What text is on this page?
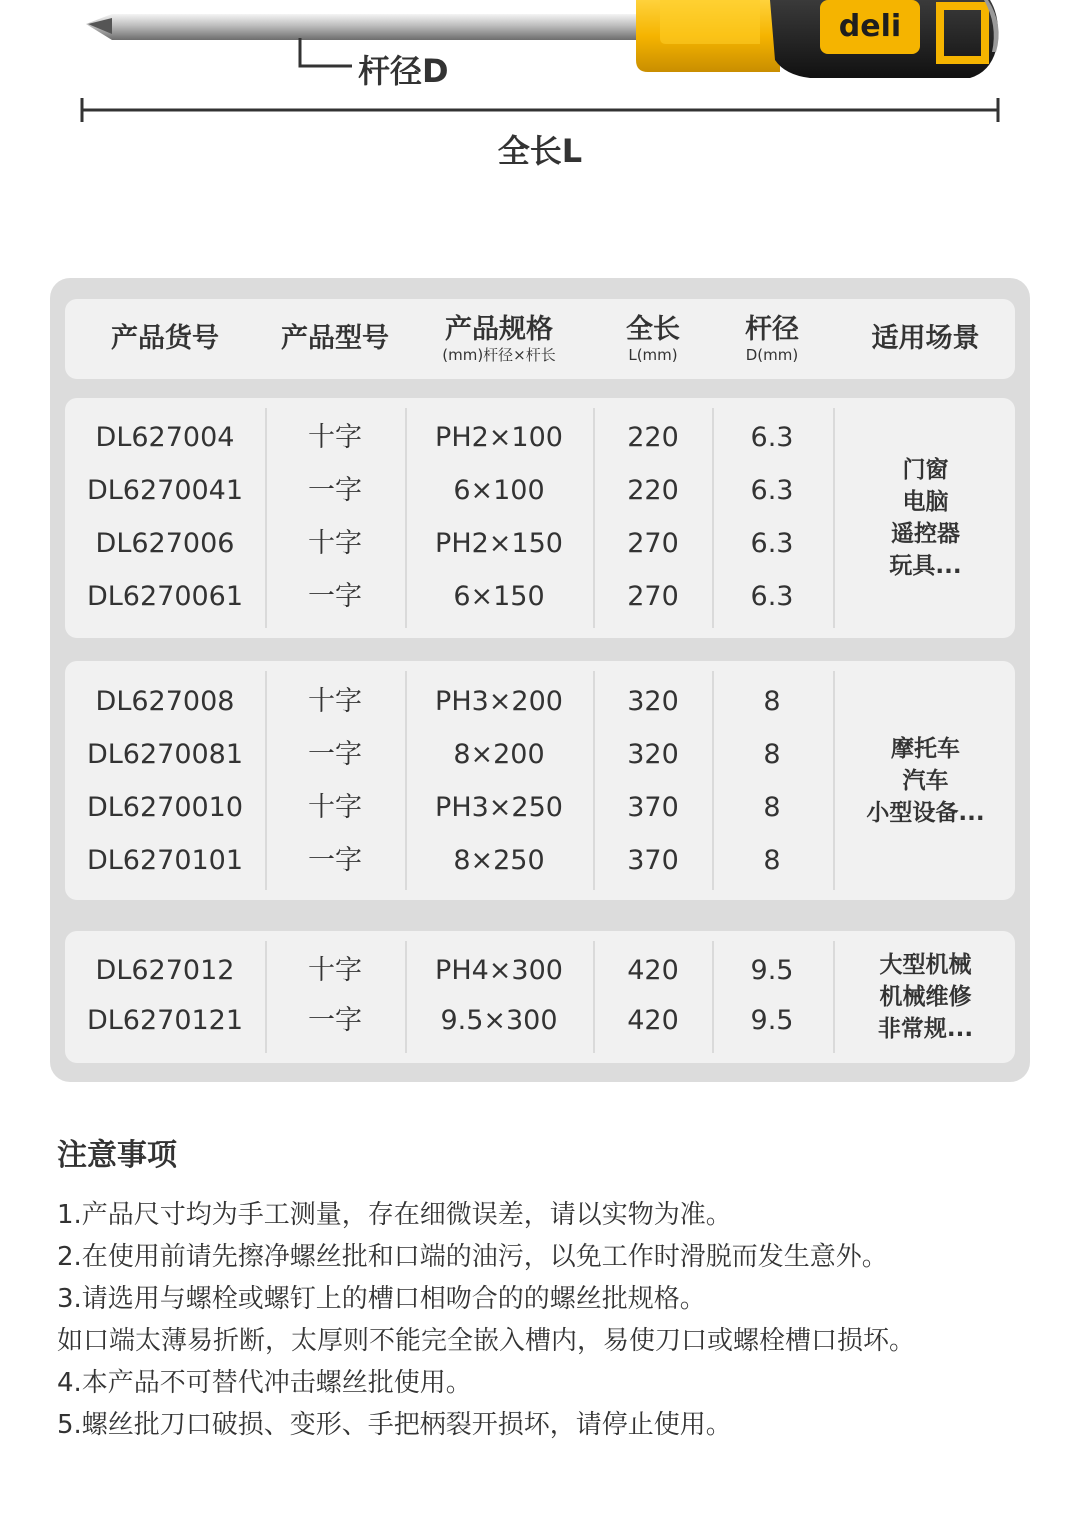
deli
杆径D
全长L
产品货号 产品型号 产品规格
(mm)杆径×杆长
全长
L(mm)
杆径
D(mm)
适用场景
DL627004	十字	PH2×100	220	6.3
DL6270041	一字	6×100	220	6.3
DL627006	十字	PH2×150	270	6.3
DL6270061	一字	6×150	270	6.3
门窗
电脑
遥控器
玩具...
DL627008	十字	PH3×200	320	8
DL6270081	一字	8×200	320	8
DL6270010	十字	PH3×250	370	8
DL6270101	一字	8×250	370	8
摩托车
汽车
小型设备...
DL627012	十字	PH4×300	420	9.5
DL6270121	一字	9.5×300	420	9.5
大型机械
机械维修
非常规...
注意事项
1.产品尺寸均为手工测量，存在细微误差，请以实物为准。
2.在使用前请先擦净螺丝批和口端的油污，以免工作时滑脱而发生意外。
3.请选用与螺栓或螺钉上的槽口相吻合的的螺丝批规格。
如口端太薄易折断，太厚则不能完全嵌入槽内，易使刀口或螺栓槽口损坏。
4.本产品不可替代冲击螺丝批使用。
5.螺丝批刀口破损、变形、手把柄裂开损坏，请停止使用。
